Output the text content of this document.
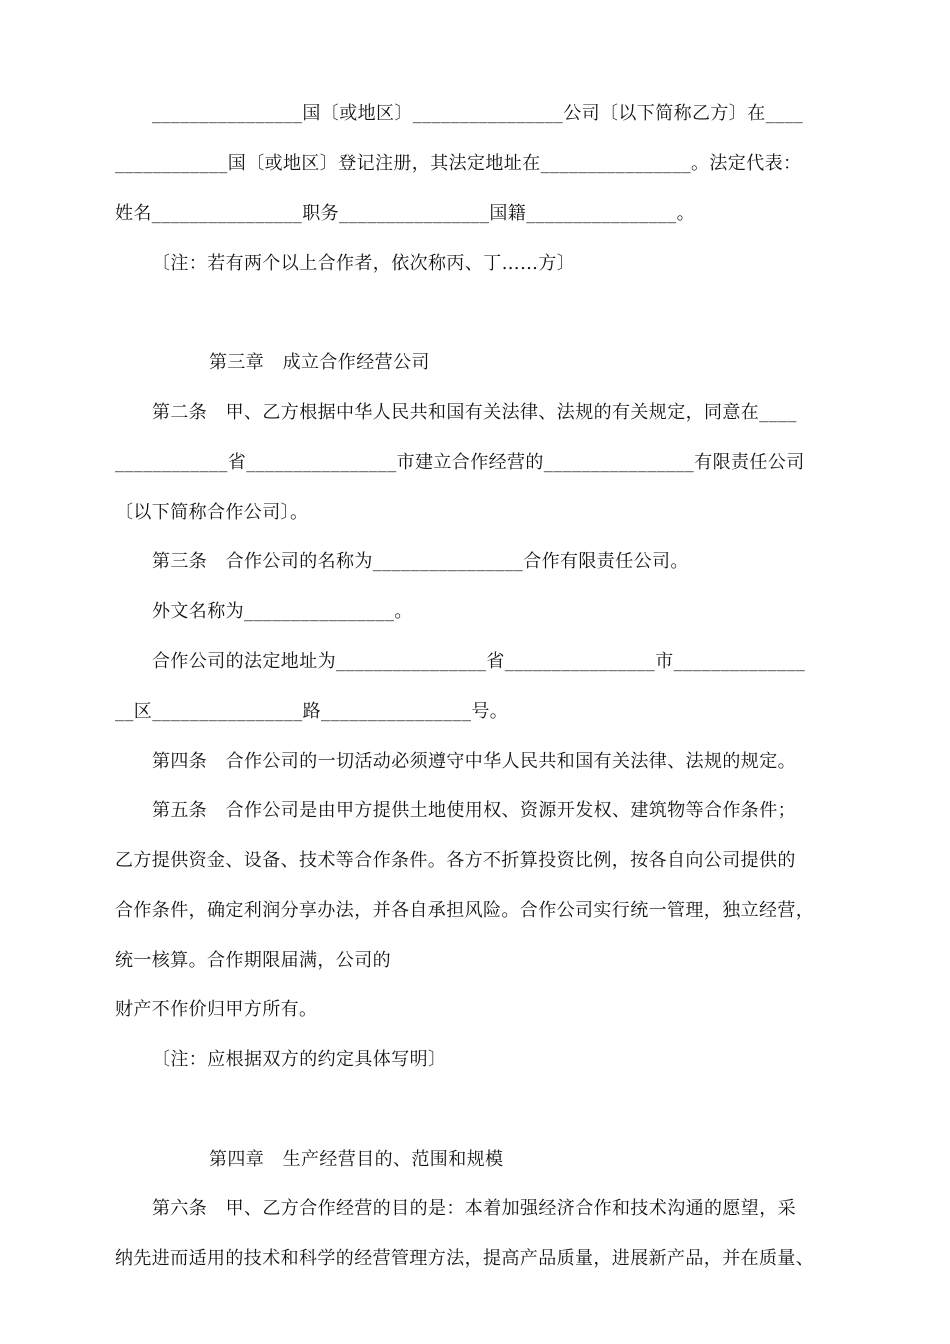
________________国〔或地区〕________________公司〔以下简称乙方〕在____
____________国〔或地区〕登记注册，其法定地址在________________。法定代表：
姓名________________职务________________国籍________________。
〔注：若有两个以上合作者，依次称丙、丁……方〕
第三章　成立合作经营公司
第二条　甲、乙方根据中华人民共和国有关法律、法规的有关规定，同意在____
____________省________________市建立合作经营的________________有限责任公司
〔以下简称合作公司〕。
第三条　合作公司的名称为________________合作有限责任公司。
外文名称为________________。
合作公司的法定地址为________________省________________市______________
__区________________路________________号。
第四条　合作公司的一切活动必须遵守中华人民共和国有关法律、法规的规定。
第五条　合作公司是由甲方提供土地使用权、资源开发权、建筑物等合作条件；
乙方提供资金、设备、技术等合作条件。各方不折算投资比例，按各自向公司提供的
合作条件，确定利润分享办法，并各自承担风险。合作公司实行统一管理，独立经营，
统一核算。合作期限届满，公司的
财产不作价归甲方所有。
〔注：应根据双方的约定具体写明〕
第四章　生产经营目的、范围和规模
第六条　甲、乙方合作经营的目的是：本着加强经济合作和技术沟通的愿望，采
纳先进而适用的技术和科学的经营管理方法，提高产品质量，进展新产品，并在质量、
